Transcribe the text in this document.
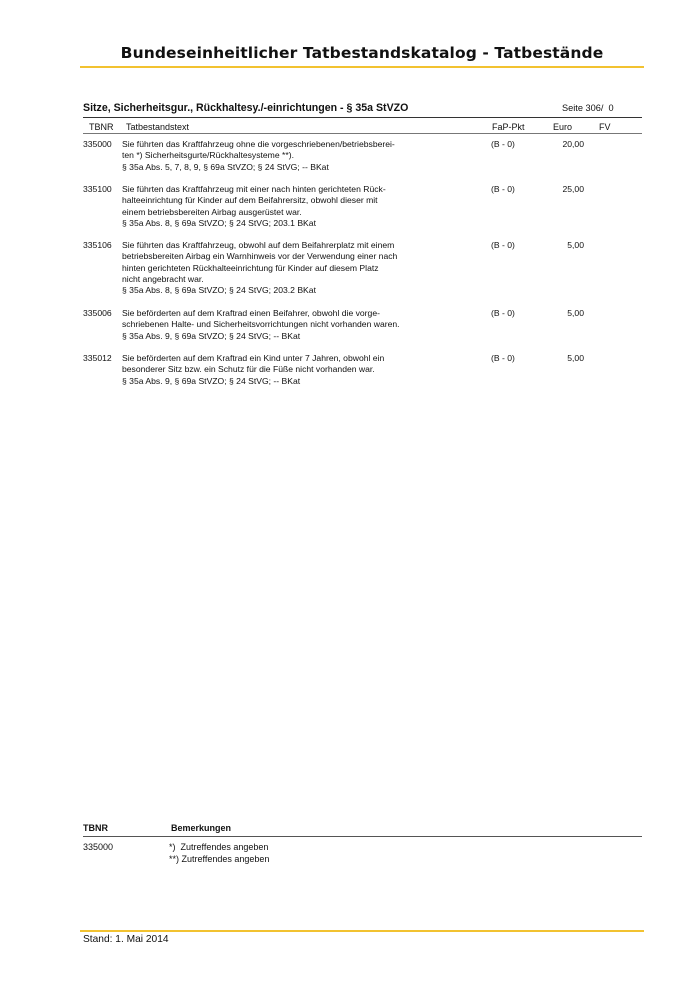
Bundeseinheitlicher Tatbestandskatalog - Tatbestände
Sitze, Sicherheitsgur., Rückhaltesy./-einrichtungen - § 35a StVZO	Seite 306/  0
TBNR Tatbestandstext	FaP-Pkt	Euro	FV
335000 Sie führten das Kraftfahrzeug ohne die vorgeschriebenen/betriebsberei-
ten *) Sicherheitsgurte/Rückhaltesysteme **).
§ 35a Abs. 5, 7, 8, 9, § 69a StVZO; § 24 StVG; -- BKat
(B - 0)	20,00
335100 Sie führten das Kraftfahrzeug mit einer nach hinten gerichteten Rück-
halteeinrichtung für Kinder auf dem Beifahrersitz, obwohl dieser mit
einem betriebsbereiten Airbag ausgerüstet war.
§ 35a Abs. 8, § 69a StVZO; § 24 StVG; 203.1 BKat
(B - 0)	25,00
335106 Sie führten das Kraftfahrzeug, obwohl auf dem Beifahrerplatz mit einem
betriebsbereiten Airbag ein Warnhinweis vor der Verwendung einer nach
hinten gerichteten Rückhalteeinrichtung für Kinder auf diesem Platz
nicht angebracht war.
§ 35a Abs. 8, § 69a StVZO; § 24 StVG; 203.2 BKat
(B - 0)	5,00
335006 Sie beförderten auf dem Kraftrad einen Beifahrer, obwohl die vorge-
schriebenen Halte- und Sicherheitsvorrichtungen nicht vorhanden waren.
§ 35a Abs. 9, § 69a StVZO; § 24 StVG; -- BKat
(B - 0)	5,00
335012 Sie beförderten auf dem Kraftrad ein Kind unter 7 Jahren, obwohl ein
besonderer Sitz bzw. ein Schutz für die Füße nicht vorhanden war.
§ 35a Abs. 9, § 69a StVZO; § 24 StVG; -- BKat
(B - 0)	5,00
TBNR	Bemerkungen
335000	*)  Zutreffendes angeben
**) Zutreffendes angeben
Stand: 1. Mai 2014
